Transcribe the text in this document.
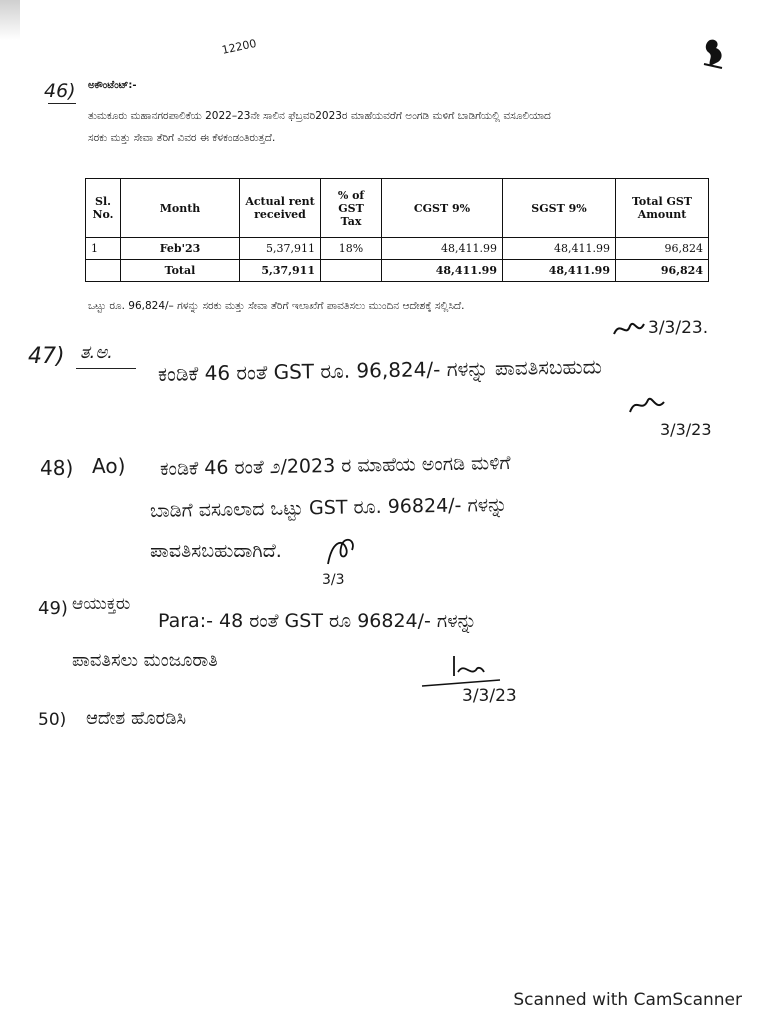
12200
46) ಅಕೌಂಟೆಂಟ್:-
ತುಮಕೂರು ಮಹಾನಗರಪಾಲಿಕೆಯ 2022–23ನೇ ಸಾಲಿನ ಫೆಬ್ರವರಿ2023ರ ಮಾಹೆಯವರೆಗೆ ಅಂಗಡಿ ಮಳಿಗೆ ಬಾಡಿಗೆಯಲ್ಲಿ ವಸೂಲಿಯಾದ
ಸರಕು ಮತ್ತು ಸೇವಾ ತೆರಿಗೆ ವಿವರ ಈ ಕೆಳಕಂಡಂತಿರುತ್ತದೆ.
Sl. No.	Month	Actual rent received	% of GST Tax	CGST 9%	SGST 9%	Total GST Amount
1	Feb'23	5,37,911	18%	48,411.99	48,411.99	96,824
	Total	5,37,911		48,411.99	48,411.99	96,824
ಒಟ್ಟು ರೂ. 96,824/– ಗಳನ್ನು ಸರಕು ಮತ್ತು ಸೇವಾ ತೆರಿಗೆ ಇಲಾಖೆಗೆ ಪಾವತಿಸಲು ಮುಂದಿನ ಆದೇಶಕ್ಕೆ ಸಲ್ಲಿಸಿದೆ.
3/3/23.
47) ತ.ಅ.
ಕಂಡಿಕೆ 46 ರಂತೆ GST ರೂ. 96,824/- ಗಳನ್ನು ಪಾವತಿಸಬಹುದು
3/3/23
48) Ao) ಕಂಡಿಕೆ 46 ರಂತೆ ೨/2023 ರ ಮಾಹೆಯ ಅಂಗಡಿ ಮಳಿಗೆ
ಬಾಡಿಗೆ ವಸೂಲಾದ ಒಟ್ಟು GST ರೂ. 96824/- ಗಳನ್ನು
ಪಾವತಿಸಬಹುದಾಗಿದೆ.
3/3
49) ಆಯುಕ್ತರು
Para:- 48 ರಂತೆ GST ರೂ 96824/- ಗಳನ್ನು
ಪಾವತಿಸಲು ಮಂಜೂರಾತಿ
3/3/23
50) ಆದೇಶ ಹೊರಡಿಸಿ
Scanned with CamScanner
